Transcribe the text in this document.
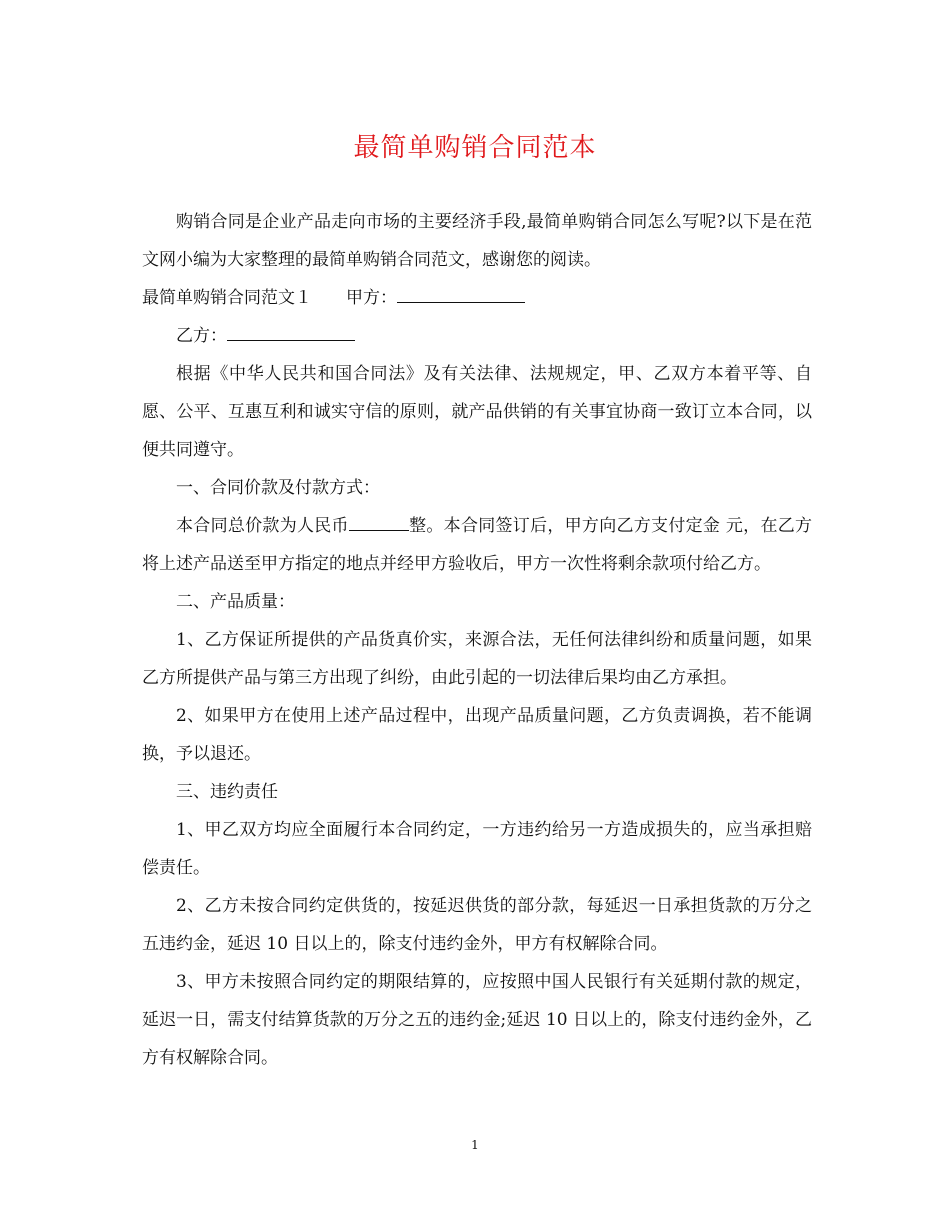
最简单购销合同范本

购销合同是企业产品走向市场的主要经济手段,最简单购销合同怎么写呢?以下是在范文网小编为大家整理的最简单购销合同范文，感谢您的阅读。

最简单购销合同范文１ 甲方：

乙方：

根据《中华人民共和国合同法》及有关法律、法规规定，甲、乙双方本着平等、自愿、公平、互惠互利和诚实守信的原则，就产品供销的有关事宜协商一致订立本合同，以便共同遵守。

一、合同价款及付款方式：

本合同总价款为人民币	整。本合同签订后，甲方向乙方支付定金 元，在乙方将上述产品送至甲方指定的地点并经甲方验收后，甲方一次性将剩余款项付给乙方。

二、产品质量：

1、乙方保证所提供的产品货真价实，来源合法，无任何法律纠纷和质量问题，如果乙方所提供产品与第三方出现了纠纷，由此引起的一切法律后果均由乙方承担。

2、如果甲方在使用上述产品过程中，出现产品质量问题，乙方负责调换，若不能调换，予以退还。

三、违约责任

1、甲乙双方均应全面履行本合同约定，一方违约给另一方造成损失的，应当承担赔偿责任。

2、乙方未按合同约定供货的，按延迟供货的部分款，每延迟一日承担货款的万分之五违约金，延迟 10 日以上的，除支付违约金外，甲方有权解除合同。

3、甲方未按照合同约定的期限结算的，应按照中国人民银行有关延期付款的规定，延迟一日，需支付结算货款的万分之五的违约金;延迟 10 日以上的，除支付违约金外，乙方有权解除合同。

1
